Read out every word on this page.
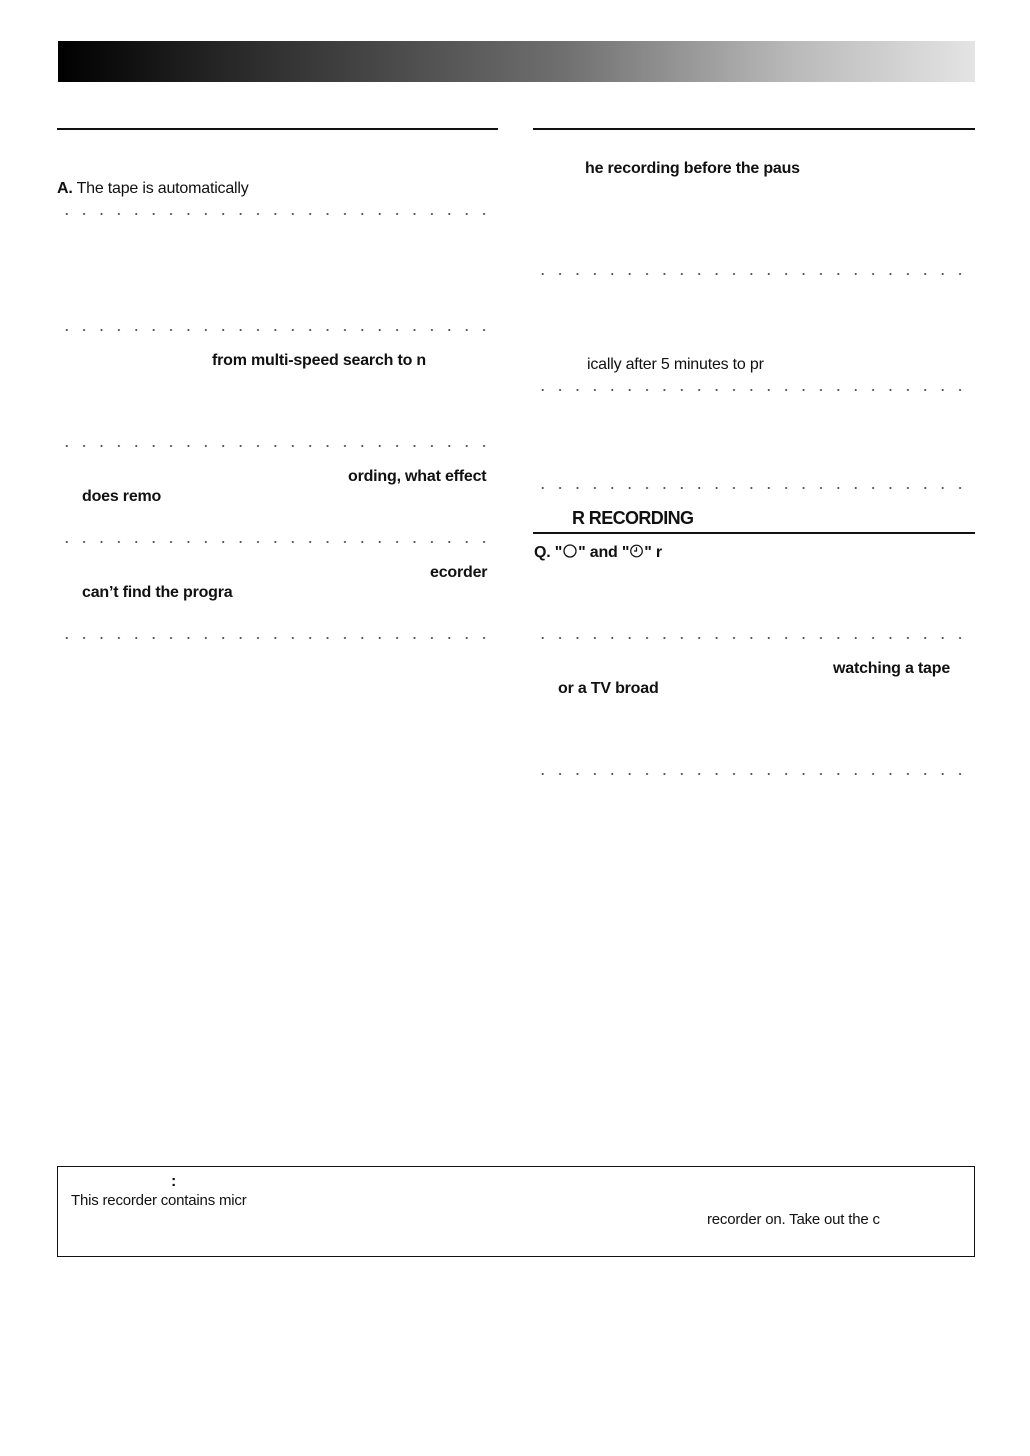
A. The tape is automatically
from multi-speed search to n
ording, what effect
does remo
ecorder
can’t find the progra
he recording before the paus
ically after 5 minutes to pr
R RECORDING
Q. " " and " " r
watching a tape
or a TV broad
:
This recorder contains micr
recorder on. Take out the c
